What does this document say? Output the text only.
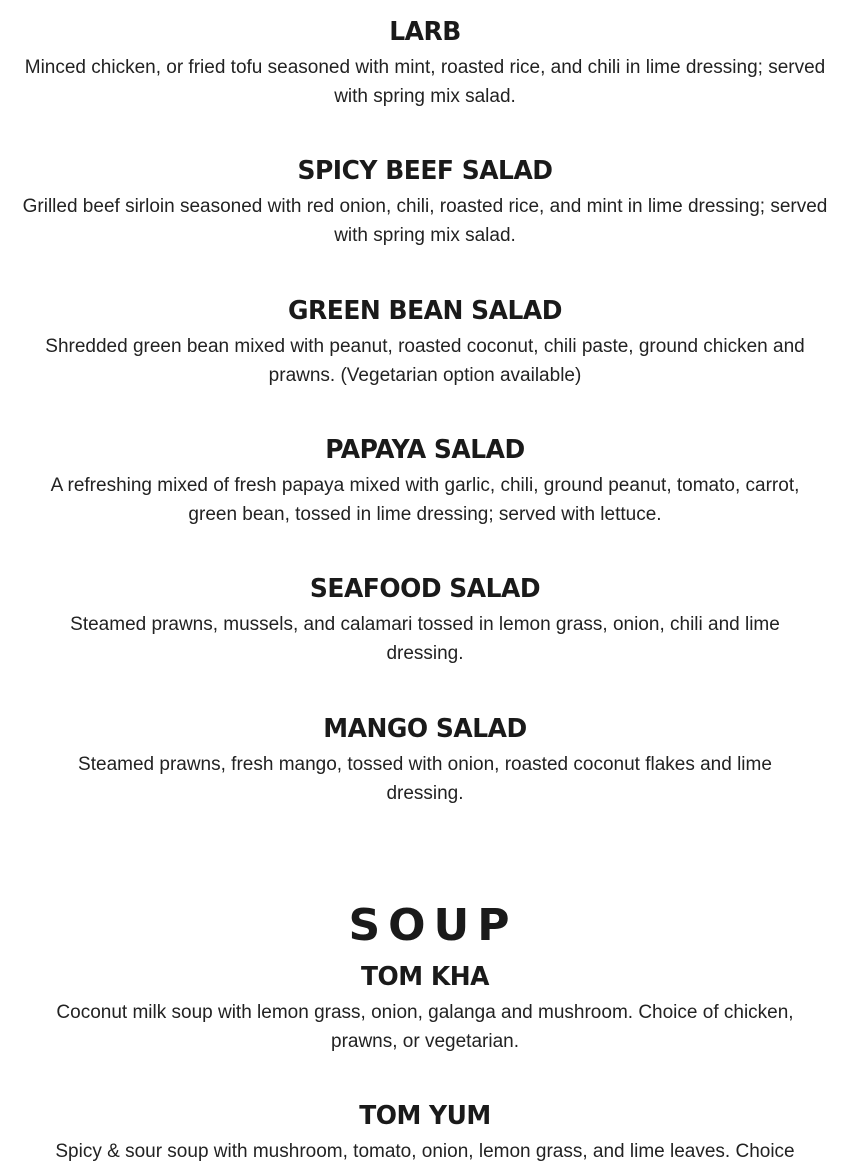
LARB

Minced chicken, or fried tofu seasoned with mint, roasted rice, and chili in lime dressing; served with spring mix salad.

SPICY BEEF SALAD

Grilled beef sirloin seasoned with red onion, chili, roasted rice, and mint in lime dressing; served with spring mix salad.

GREEN BEAN SALAD

Shredded green bean mixed with peanut, roasted coconut, chili paste, ground chicken and prawns. (Vegetarian option available)

PAPAYA SALAD

A refreshing mixed of fresh papaya mixed with garlic, chili, ground peanut, tomato, carrot, green bean, tossed in lime dressing; served with lettuce.

SEAFOOD SALAD

Steamed prawns, mussels, and calamari tossed in lemon grass, onion, chili and lime dressing.

MANGO SALAD

Steamed prawns, fresh mango, tossed with onion, roasted coconut flakes and lime dressing.

SOUP
TOM KHA

Coconut milk soup with lemon grass, onion, galanga and mushroom. Choice of chicken, prawns, or vegetarian.

TOM YUM

Spicy & sour soup with mushroom, tomato, onion, lemon grass, and lime leaves. Choice
